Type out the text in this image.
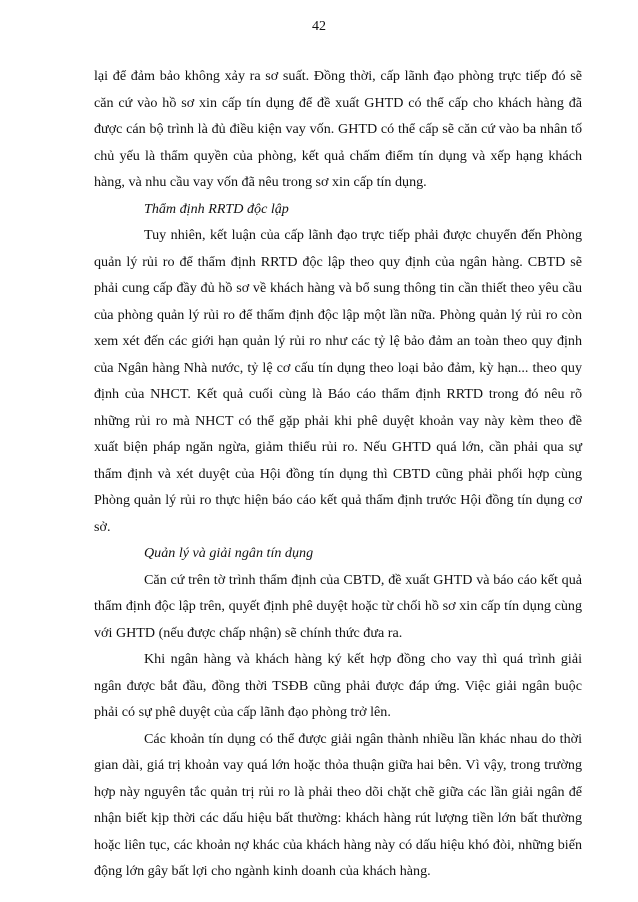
42

lại để đảm bảo không xảy ra sơ suất. Đồng thời, cấp lãnh đạo phòng trực tiếp đó sẽ căn cứ vào hồ sơ xin cấp tín dụng để đề xuất GHTD có thể cấp cho khách hàng đã được cán bộ trình là đủ điều kiện vay vốn. GHTD có thể cấp sẽ căn cứ vào ba nhân tố chủ yếu là thẩm quyền của phòng, kết quả chấm điểm tín dụng và xếp hạng khách hàng, và nhu cầu vay vốn đã nêu trong sơ xin cấp tín dụng.

Thẩm định RRTD độc lập

Tuy nhiên, kết luận của cấp lãnh đạo trực tiếp phải được chuyển đến Phòng quản lý rủi ro để thẩm định RRTD độc lập theo quy định của ngân hàng. CBTD sẽ phải cung cấp đầy đủ hồ sơ về khách hàng và bổ sung thông tin cần thiết theo yêu cầu của phòng quản lý rủi ro để thẩm định độc lập một lần nữa. Phòng quản lý rủi ro còn xem xét đến các giới hạn quản lý rủi ro như các tỷ lệ bảo đảm an toàn theo quy định của Ngân hàng Nhà nước, tỷ lệ cơ cấu tín dụng theo loại bảo đảm, kỳ hạn... theo quy định của NHCT. Kết quả cuối cùng là Báo cáo thẩm định RRTD trong đó nêu rõ những rủi ro mà NHCT có thể gặp phải khi phê duyệt khoản vay này kèm theo đề xuất biện pháp ngăn ngừa, giảm thiểu rủi ro. Nếu GHTD quá lớn, cần phải qua sự thẩm định và xét duyệt của Hội đồng tín dụng thì CBTD cũng phải phối hợp cùng Phòng quản lý rủi ro thực hiện báo cáo kết quả thẩm định trước Hội đồng tín dụng cơ sở.

Quản lý và giải ngân tín dụng

Căn cứ trên tờ trình thẩm định của CBTD, đề xuất GHTD và báo cáo kết quả thẩm định độc lập trên, quyết định phê duyệt hoặc từ chối hồ sơ xin cấp tín dụng cùng với GHTD (nếu được chấp nhận) sẽ chính thức đưa ra.

Khi ngân hàng và khách hàng ký kết hợp đồng cho vay thì quá trình giải ngân được bắt đầu, đồng thời TSĐB cũng phải được đáp ứng. Việc giải ngân buộc phải có sự phê duyệt của cấp lãnh đạo phòng trở lên.

Các khoản tín dụng có thể được giải ngân thành nhiều lần khác nhau do thời gian dài, giá trị khoản vay quá lớn hoặc thỏa thuận giữa hai bên. Vì vậy, trong trường hợp này nguyên tắc quản trị rủi ro là phải theo dõi chặt chẽ giữa các lần giải ngân để nhận biết kịp thời các dấu hiệu bất thường: khách hàng rút lượng tiền lớn bất thường hoặc liên tục, các khoản nợ khác của khách hàng này có dấu hiệu khó đòi, những biến động lớn gây bất lợi cho ngành kinh doanh của khách hàng.
